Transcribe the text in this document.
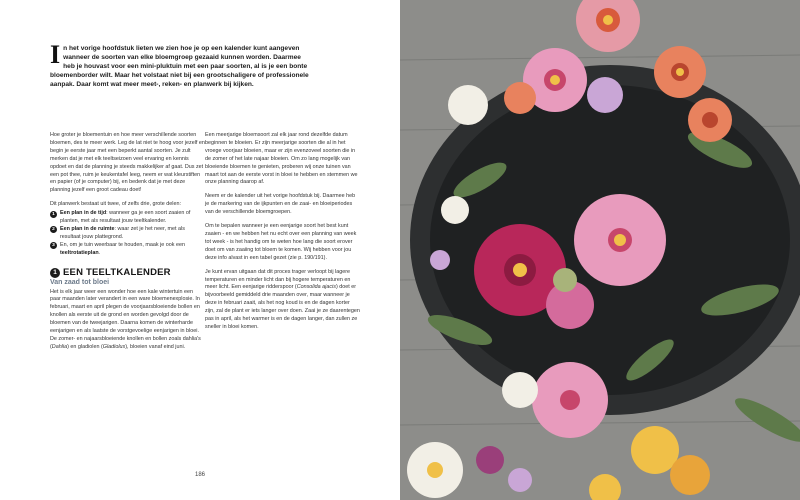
In het vorige hoofdstuk lieten we zien hoe je op een kalender kunt aangeven wanneer de soorten van elke bloemgroep gezaaid kunnen worden. Daarmee heb je houvast voor een mini-pluktuin met een paar soorten, al is je een bonte bloemenborder wilt. Maar het volstaat niet bij een grootschaligere of professionele aanpak. Daar komt wat meer meet-, reken- en planwerk bij kijken.

Hoe groter je bloementuin en hoe meer verschillende soorten bloemen, des te meer werk. Leg de lat niet te hoog voor jezelf en begin je eerste jaar met een beperkt aantal soorten. Je zult merken dat je met elk teeltseizoen veel ervaring en kennis opdoet en dat de planning je steeds makkelijker af gaat. Dus zet een pot thee, ruim je keukentafel leeg, neem er wat kleurstiften en papier (of je computer) bij, en bedenk dat je met deze planning jezelf een groot cadeau doet!

Dit planwerk bestaat uit twee, of zelfs drie, grote delen:

1 Een plan in de tijd: wanneer ga je een soort zaaien of planten, met als resultaat jouw teeltkalender.
2 Een plan in de ruimte: waar zet je het neer, met als resultaat jouw plattegrond.
3 En, om je tuin weerbaar te houden, maak je ook een teeltrotatieplan.
1 EEN TEELTKALENDER
Van zaad tot bloei

Het is elk jaar weer een wonder hoe een kale wintertuin een paar maanden later verandert in een ware bloemenexplosie. In februari, maart en april plegen de voorjaarsbloeiende bollen en knollen als eerste uit de grond en worden gevolgd door de bloemen van de tweejarigen. Daarna komen de winterharde eenjarigen en als laatste de vorstgevoelige eenjarigen in bloei. De zomer- en najaarsbloeiende knollen en bollen zoals dahlia's (Dahlia) en gladiolen (Gladiolus), bloeien vanaf eind juni.

Een meerjarige bloemsoort zal elk jaar rond dezelfde datum beginnen te bloeien. Er zijn meerjarige soorten die al in het vroege voorjaar bloeien, maar er zijn evenzoveel soorten die in de zomer of het late najaar bloeien. Om zo lang mogelijk van bloeiende bloemen te genieten, proberen wij onze tuinen van maart tot aan de eerste vorst in bloei te hebben en stemmen we onze planning daarop af.

Neem er de kalender uit het vorige hoofdstuk bij. Daarmee heb je de markering van de ijkpunten en de zaai- en bloeiperiodes van de verschillende bloemgroepen.

Om te bepalen wanneer je een eenjarige soort het best kunt zaaien - en we hebben het nu echt over een planning van week tot week - is het handig om te weten hoe lang die soort erover doet om van zaaiing tot bloem te komen. Wij hebben voor jou deze info alvast in een tabel gezet (zie p. 190/191).

Je kunt ervan uitgaan dat dit proces trager verloopt bij lagere temperaturen en minder licht dan bij hogere temperaturen en meer licht. Een eenjarige ridderspoor (Consolida ajacis) doet er bijvoorbeeld gemiddeld drie maanden over, maar wanneer je deze in februari zaait, als het nog koud is en de dagen korter zijn, zal de plant er iets langer over doen. Zaai je ze daarentegen pas in april, als het warmer is en de dagen langer, dan zullen ze sneller in bloei komen.

186
